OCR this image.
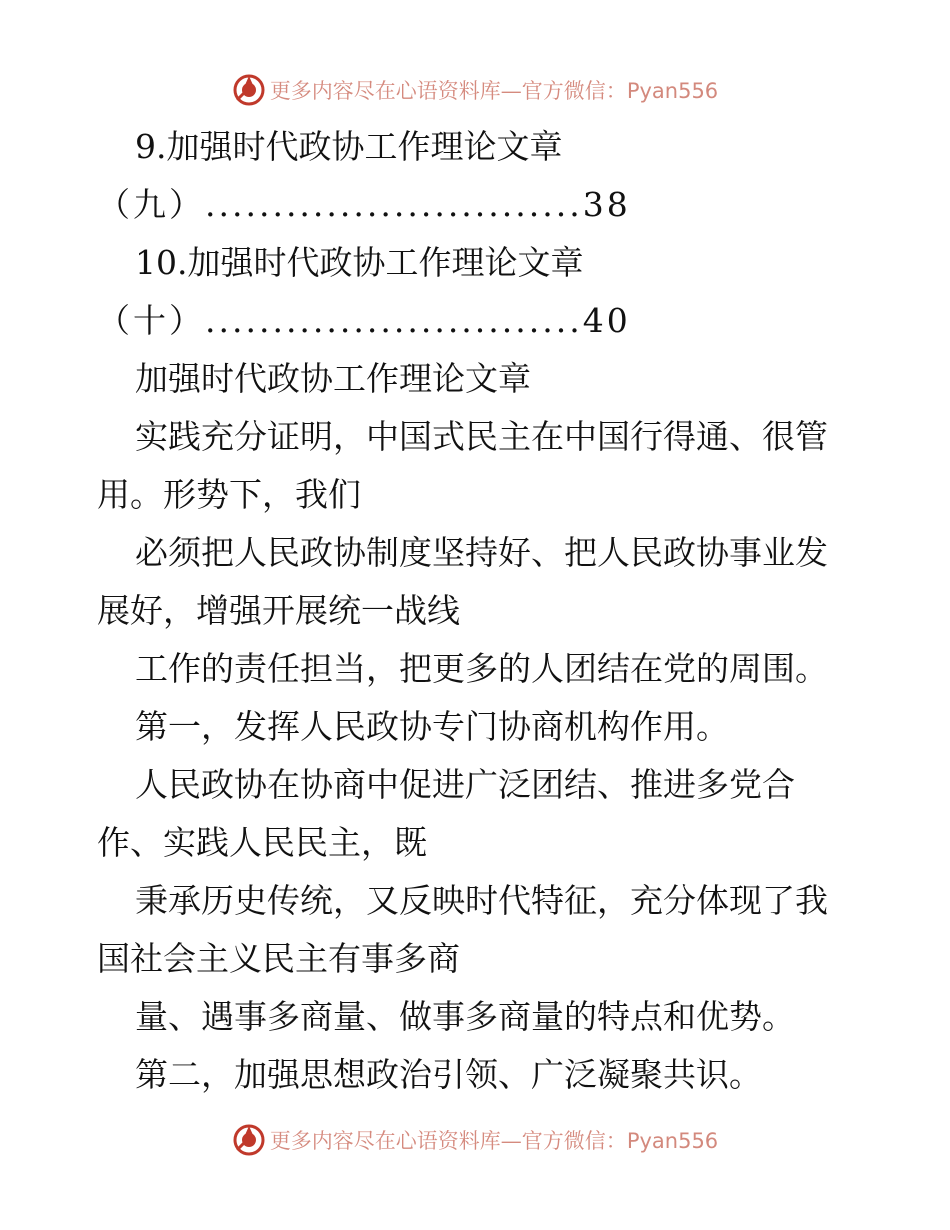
更多内容尽在心语资料库—官方微信：Pyan556
9.加强时代政协工作理论文章
（九）............................38
10.加强时代政协工作理论文章
（十）............................40
加强时代政协工作理论文章
实践充分证明，中国式民主在中国行得通、很管
用。形势下，我们
必须把人民政协制度坚持好、把人民政协事业发
展好，增强开展统一战线
工作的责任担当，把更多的人团结在党的周围。
第一，发挥人民政协专门协商机构作用。
人民政协在协商中促进广泛团结、推进多党合
作、实践人民民主，既
秉承历史传统，又反映时代特征，充分体现了我
国社会主义民主有事多商
量、遇事多商量、做事多商量的特点和优势。
第二，加强思想政治引领、广泛凝聚共识。
更多内容尽在心语资料库—官方微信：Pyan556
